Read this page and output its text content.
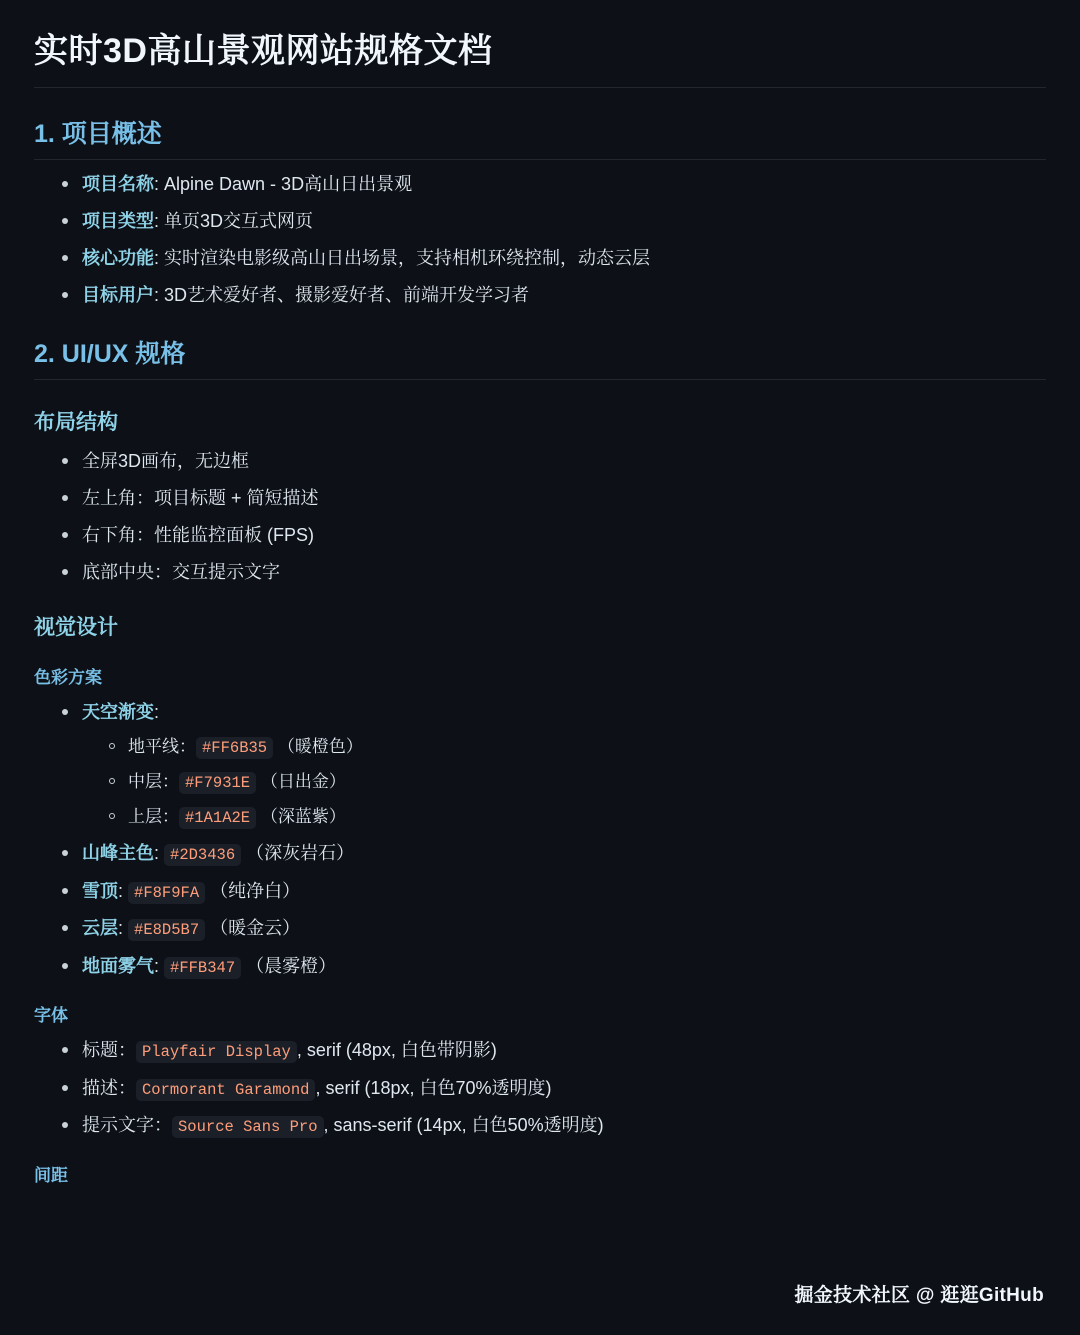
实时3D高山景观网站规格文档
1. 项目概述
项目名称: Alpine Dawn - 3D高山日出景观
项目类型: 单页3D交互式网页
核心功能: 实时渲染电影级高山日出场景，支持相机环绕控制，动态云层
目标用户: 3D艺术爱好者、摄影爱好者、前端开发学习者
2. UI/UX 规格
布局结构
全屏3D画布，无边框
左上角：项目标题 + 简短描述
右下角：性能监控面板 (FPS)
底部中央：交互提示文字
视觉设计
色彩方案
天空渐变:
地平线： #FF6B35 （暖橙色）
中层： #F7931E （日出金）
上层： #1A1A2E （深蓝紫）
山峰主色: #2D3436 （深灰岩石）
雪顶: #F8F9FA （纯净白）
云层: #E8D5B7 （暖金云）
地面雾气: #FFB347 （晨雾橙）
字体
标题： Playfair Display , serif (48px, 白色带阴影)
描述： Cormorant Garamond , serif (18px, 白色70%透明度)
提示文字： Source Sans Pro , sans-serif (14px, 白色50%透明度)
间距
掘金技术社区 @ 逛逛GitHub
